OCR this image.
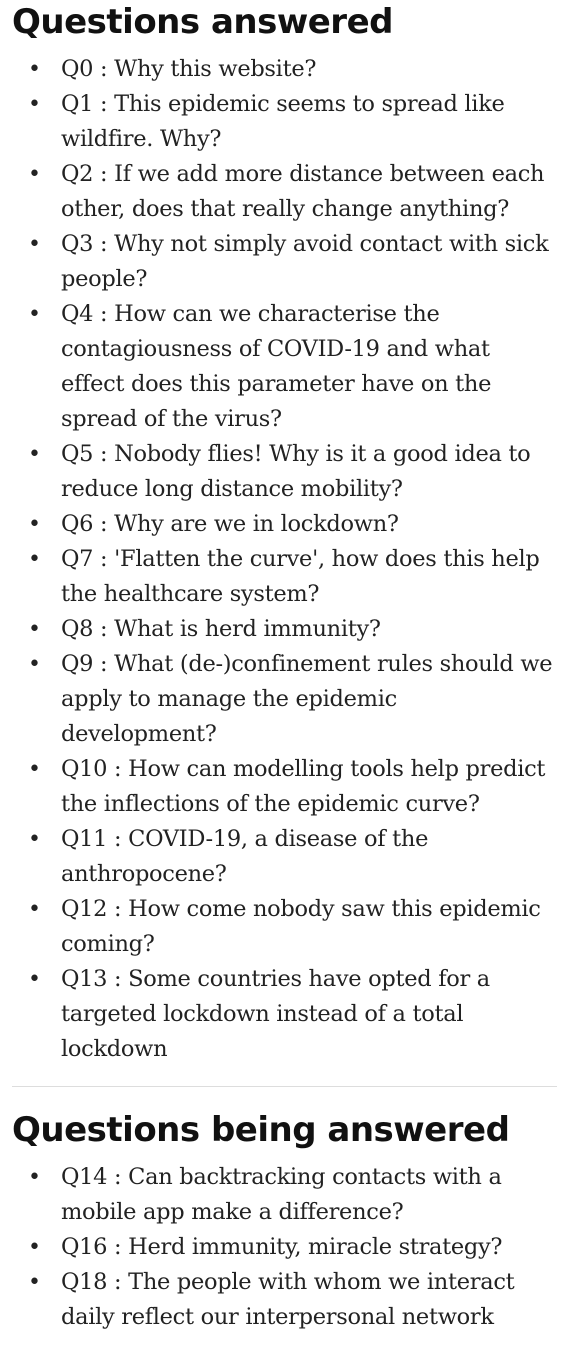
Questions answered
• Q0 : Why this website?
• Q1 : This epidemic seems to spread like wildfire. Why?
• Q2 : If we add more distance between each other, does that really change anything?
• Q3 : Why not simply avoid contact with sick people?
• Q4 : How can we characterise the contagiousness of COVID-19 and what effect does this parameter have on the spread of the virus?
• Q5 : Nobody flies! Why is it a good idea to reduce long distance mobility?
• Q6 : Why are we in lockdown?
• Q7 : 'Flatten the curve', how does this help the healthcare system?
• Q8 : What is herd immunity?
• Q9 : What (de-)confinement rules should we apply to manage the epidemic development?
• Q10 : How can modelling tools help predict the inflections of the epidemic curve?
• Q11 : COVID-19, a disease of the anthropocene?
• Q12 : How come nobody saw this epidemic coming?
• Q13 : Some countries have opted for a targeted lockdown instead of a total lockdown
Questions being answered
• Q14 : Can backtracking contacts with a mobile app make a difference?
• Q16 : Herd immunity, miracle strategy?
• Q18 : The people with whom we interact daily reflect our interpersonal network
